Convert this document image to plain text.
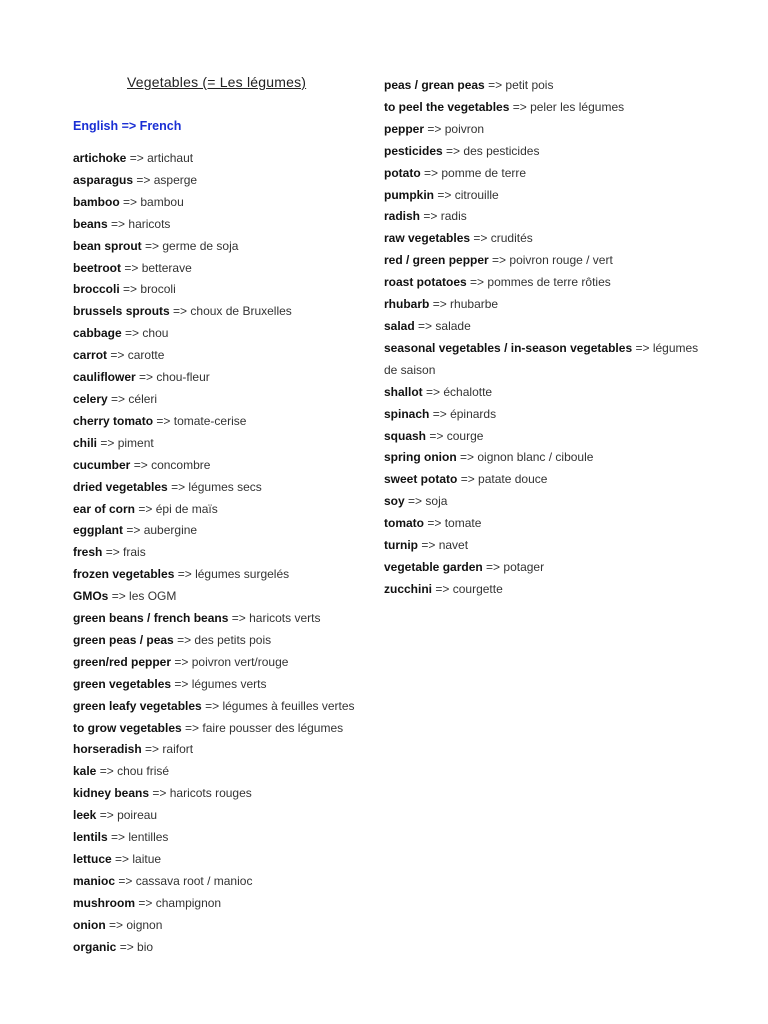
Vegetables (= Les légumes)
English => French
artichoke => artichaut
asparagus => asperge
bamboo => bambou
beans => haricots
bean sprout => germe de soja
beetroot => betterave
broccoli => brocoli
brussels sprouts => choux de Bruxelles
cabbage => chou
carrot => carotte
cauliflower => chou-fleur
celery => céleri
cherry tomato => tomate-cerise
chili => piment
cucumber => concombre
dried vegetables => légumes secs
ear of corn => épi de maïs
eggplant => aubergine
fresh => frais
frozen vegetables => légumes surgelés
GMOs => les OGM
green beans / french beans => haricots verts
green peas / peas => des petits pois
green/red pepper => poivron vert/rouge
green vegetables => légumes verts
green leafy vegetables => légumes à feuilles vertes
to grow vegetables => faire pousser des légumes
horseradish => raifort
kale => chou frisé
kidney beans => haricots rouges
leek => poireau
lentils => lentilles
lettuce => laitue
manioc => cassava root / manioc
mushroom => champignon
onion => oignon
organic => bio
peas / grean peas => petit pois
to peel the vegetables => peler les légumes
pepper => poivron
pesticides => des pesticides
potato => pomme de terre
pumpkin => citrouille
radish => radis
raw vegetables => crudités
red / green pepper => poivron rouge / vert
roast potatoes => pommes de terre rôties
rhubarb => rhubarbe
salad => salade
seasonal vegetables / in-season vegetables => légumes de saison
shallot => échalotte
spinach => épinards
squash => courge
spring onion => oignon blanc / ciboule
sweet potato => patate douce
soy => soja
tomato => tomate
turnip => navet
vegetable garden => potager
zucchini => courgette
